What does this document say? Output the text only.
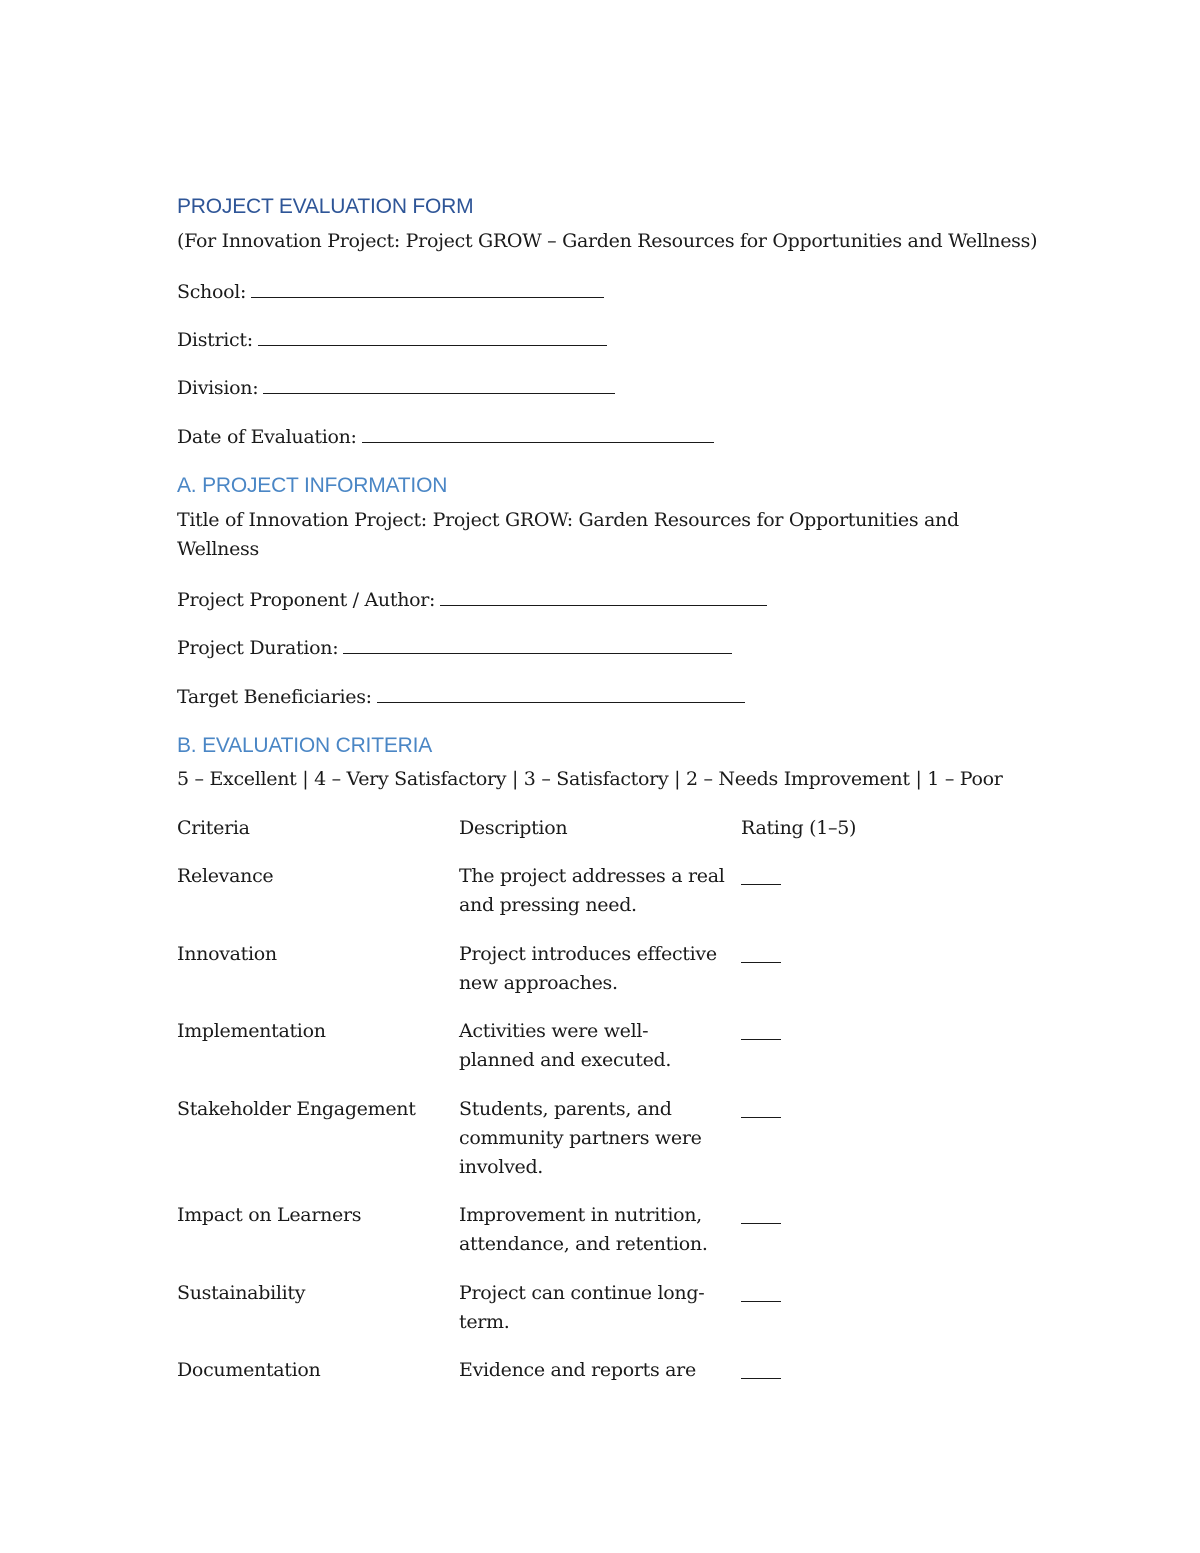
PROJECT EVALUATION FORM
(For Innovation Project: Project GROW – Garden Resources for Opportunities and Wellness)
School:
District:
Division:
Date of Evaluation:
A. PROJECT INFORMATION
Title of Innovation Project: Project GROW: Garden Resources for Opportunities and
Wellness
Project Proponent / Author:
Project Duration:
Target Beneficiaries:
B. EVALUATION CRITERIA
5 – Excellent | 4 – Very Satisfactory | 3 – Satisfactory | 2 – Needs Improvement | 1 – Poor
Criteria	Description	Rating (1–5)
Relevance	The project addresses a real
and pressing need.
Innovation	Project introduces effective
new approaches.
Implementation	Activities were well-
planned and executed.
Stakeholder Engagement	Students, parents, and
community partners were
involved.
Impact on Learners	Improvement in nutrition,
attendance, and retention.
Sustainability	Project can continue long-
term.
Documentation	Evidence and reports are
